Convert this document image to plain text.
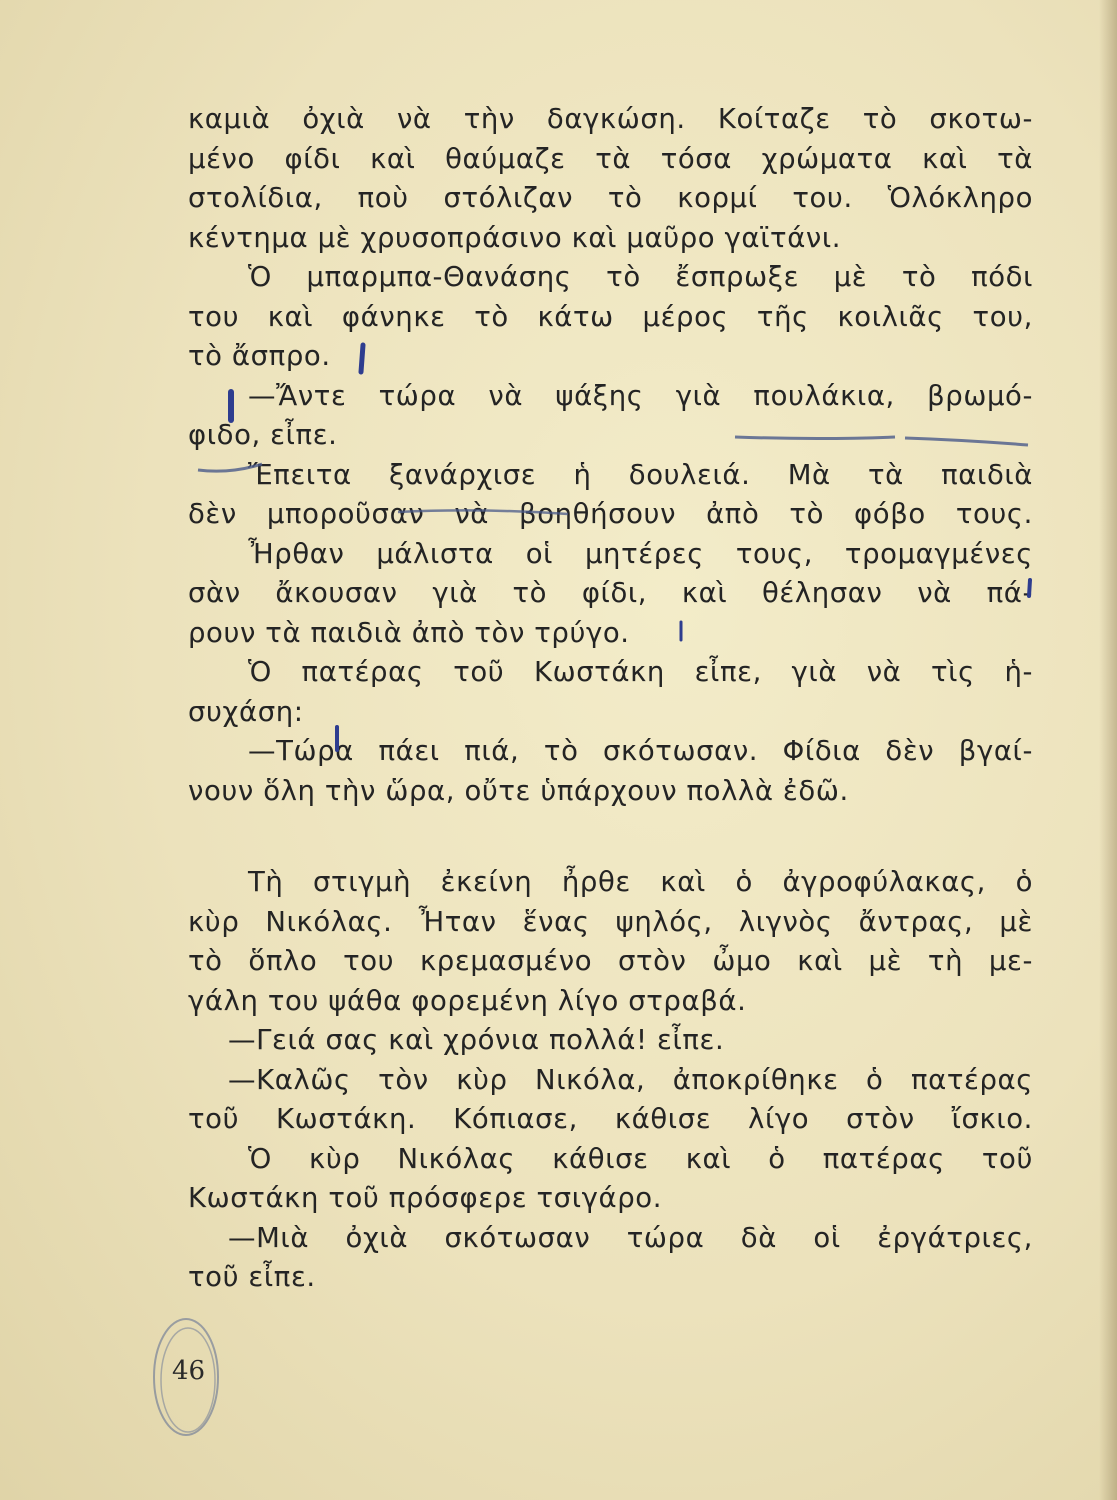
καμιὰ ὀχιὰ νὰ τὴν δαγκώση. Κοίταζε τὸ σκοτω-
μένο φίδι καὶ θαύμαζε τὰ τόσα χρώματα καὶ τὰ
στολίδια, ποὺ στόλιζαν τὸ κορμί του. Ὁλόκληρο
κέντημα μὲ χρυσοπράσινο καὶ μαῦρο γαϊτάνι.
Ὁ μπαρμπα-Θανάσης τὸ ἔσπρωξε μὲ τὸ πόδι
του καὶ φάνηκε τὸ κάτω μέρος τῆς κοιλιᾶς του,
τὸ ἄσπρο.
—Ἄντε τώρα νὰ ψάξης γιὰ πουλάκια, βρωμό-
φιδο, εἶπε.
Ἔπειτα ξανάρχισε ἡ δουλειά. Μὰ τὰ παιδιὰ
δὲν μποροῦσαν νὰ βοηθήσουν ἀπὸ τὸ φόβο τους.
Ἦρθαν μάλιστα οἱ μητέρες τους, τρομαγμένες
σὰν ἄκουσαν γιὰ τὸ φίδι, καὶ θέλησαν νὰ πά-
ρουν τὰ παιδιὰ ἀπὸ τὸν τρύγο.
Ὁ πατέρας τοῦ Κωστάκη εἶπε, γιὰ νὰ τὶς ἡ-
συχάση:
—Τώρα πάει πιά, τὸ σκότωσαν. Φίδια δὲν βγαί-
νουν ὅλη τὴν ὥρα, οὔτε ὑπάρχουν πολλὰ ἐδῶ.
Τὴ στιγμὴ ἐκείνη ἦρθε καὶ ὁ ἀγροφύλακας, ὁ
κὺρ Νικόλας. Ἦταν ἕνας ψηλός, λιγνὸς ἄντρας, μὲ
τὸ ὅπλο του κρεμασμένο στὸν ὦμο καὶ μὲ τὴ με-
γάλη του ψάθα φορεμένη λίγο στραβά.
—Γειά σας καὶ χρόνια πολλά! εἶπε.
—Καλῶς τὸν κὺρ Νικόλα, ἀποκρίθηκε ὁ πατέρας
τοῦ Κωστάκη. Κόπιασε, κάθισε λίγο στὸν ἴσκιο.
Ὁ κὺρ Νικόλας κάθισε καὶ ὁ πατέρας τοῦ
Κωστάκη τοῦ πρόσφερε τσιγάρο.
—Μιὰ ὀχιὰ σκότωσαν τώρα δὰ οἱ ἐργάτριες,
τοῦ εἶπε.
46
